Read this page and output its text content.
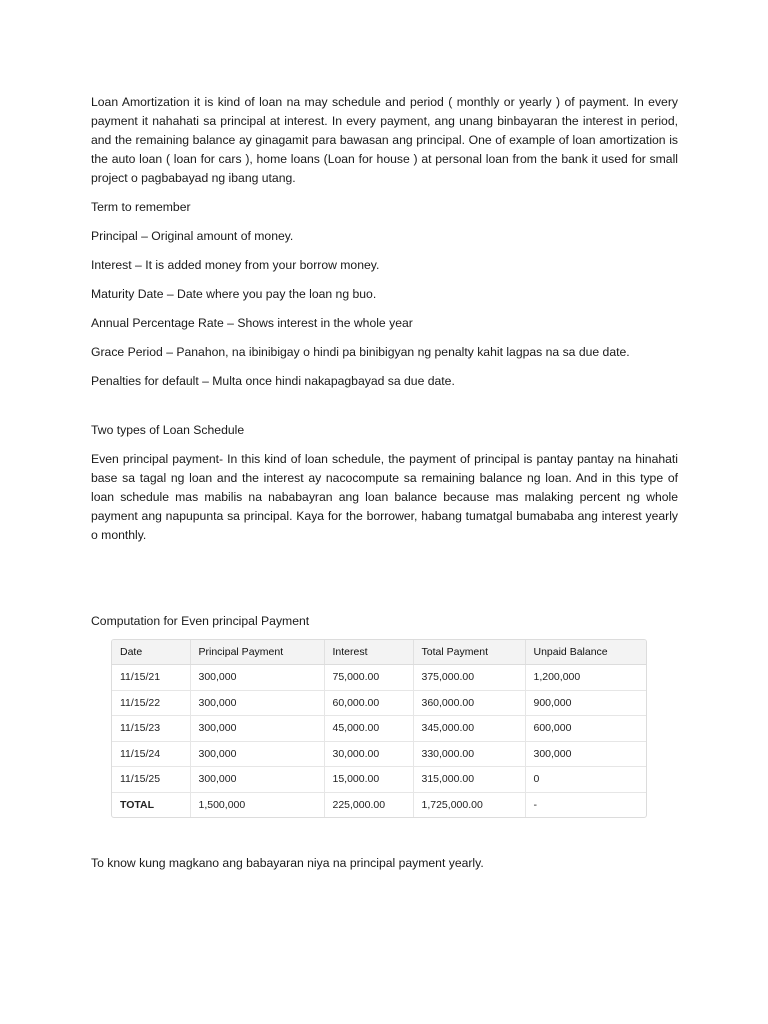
Loan Amortization it is kind of loan na may schedule and period ( monthly or yearly ) of payment. In every payment it nahahati sa principal at interest. In every payment, ang unang binbayaran the interest in period, and the remaining balance ay ginagamit para bawasan ang principal. One of example of loan amortization is the auto loan ( loan for cars ), home loans (Loan for house ) at personal loan from the bank it used for small project o pagbabayad ng ibang utang.

Term to remember

Principal – Original amount of money.

Interest – It is added money from your borrow money.

Maturity Date – Date where you pay the loan ng buo.

Annual Percentage Rate – Shows interest in the whole year

Grace Period – Panahon, na ibinibigay o hindi pa binibigyan ng penalty kahit lagpas na sa due date.

Penalties for default – Multa once hindi nakapagbayad sa due date.

Two types of Loan Schedule

Even principal payment- In this kind of loan schedule, the payment of principal is pantay pantay na hinahati base sa tagal ng loan and the interest ay nacocompute sa remaining balance ng loan. And in this type of loan schedule mas mabilis na nababayran ang loan balance because mas malaking percent ng whole payment ang napupunta sa principal. Kaya for the borrower, habang tumatgal bumababa ang interest yearly o monthly.

Computation for Even principal Payment

Date	Principal Payment	Interest	Total Payment	Unpaid Balance
11/15/21	300,000	75,000.00	375,000.00	1,200,000
11/15/22	300,000	60,000.00	360,000.00	900,000
11/15/23	300,000	45,000.00	345,000.00	600,000
11/15/24	300,000	30,000.00	330,000.00	300,000
11/15/25	300,000	15,000.00	315,000.00	0
TOTAL	1,500,000	225,000.00	1,725,000.00	-

To know kung magkano ang babayaran niya na principal payment yearly.
